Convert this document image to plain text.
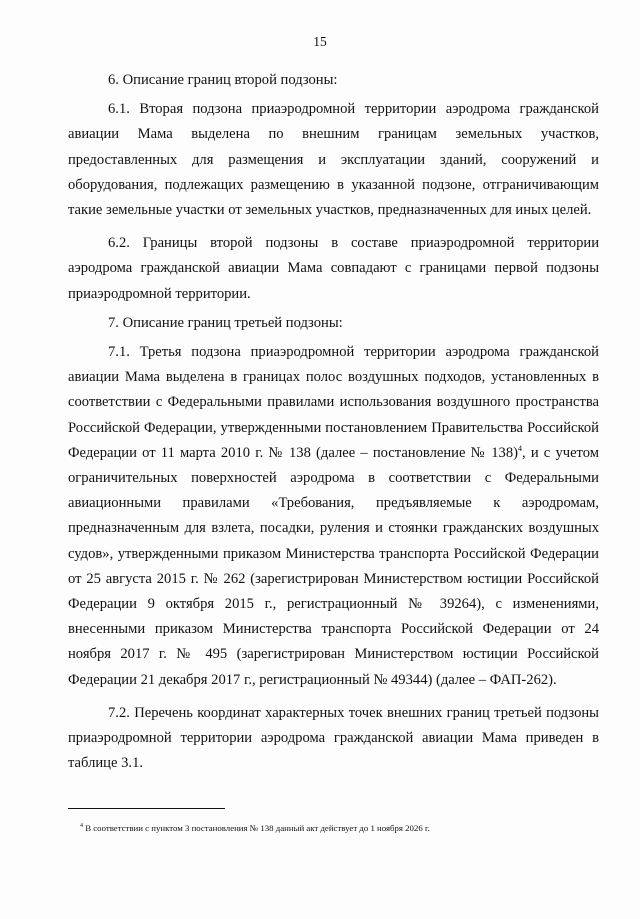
15

6. Описание границ второй подзоны:

6.1. Вторая подзона приаэродромной территории аэродрома гражданской авиации Мама выделена по внешним границам земельных участков, предоставленных для размещения и эксплуатации зданий, сооружений и оборудования, подлежащих размещению в указанной подзоне, отграничивающим такие земельные участки от земельных участков, предназначенных для иных целей.

6.2. Границы второй подзоны в составе приаэродромной территории аэродрома гражданской авиации Мама совпадают с границами первой подзоны приаэродромной территории.

7. Описание границ третьей подзоны:

7.1. Третья подзона приаэродромной территории аэродрома гражданской авиации Мама выделена в границах полос воздушных подходов, установленных в соответствии с Федеральными правилами использования воздушного пространства Российской Федерации, утвержденными постановлением Правительства Российской Федерации от 11 марта 2010 г. № 138 (далее – постановление № 138)$^4$, и с учетом ограничительных поверхностей аэродрома в соответствии с Федеральными авиационными правилами «Требования, предъявляемые к аэродромам, предназначенным для взлета, посадки, руления и стоянки гражданских воздушных судов», утвержденными приказом Министерства транспорта Российской Федерации от 25 августа 2015 г. № 262 (зарегистрирован Министерством юстиции Российской Федерации 9 октября 2015 г., регистрационный № 39264), с изменениями, внесенными приказом Министерства транспорта Российской Федерации от 24 ноября 2017 г. № 495 (зарегистрирован Министерством юстиции Российской Федерации 21 декабря 2017 г., регистрационный № 49344) (далее – ФАП-262).

7.2. Перечень координат характерных точек внешних границ третьей подзоны приаэродромной территории аэродрома гражданской авиации Мама приведен в таблице 3.1.

$^4$ В соответствии с пунктом 3 постановления № 138 данный акт действует до 1 ноября 2026 г.
